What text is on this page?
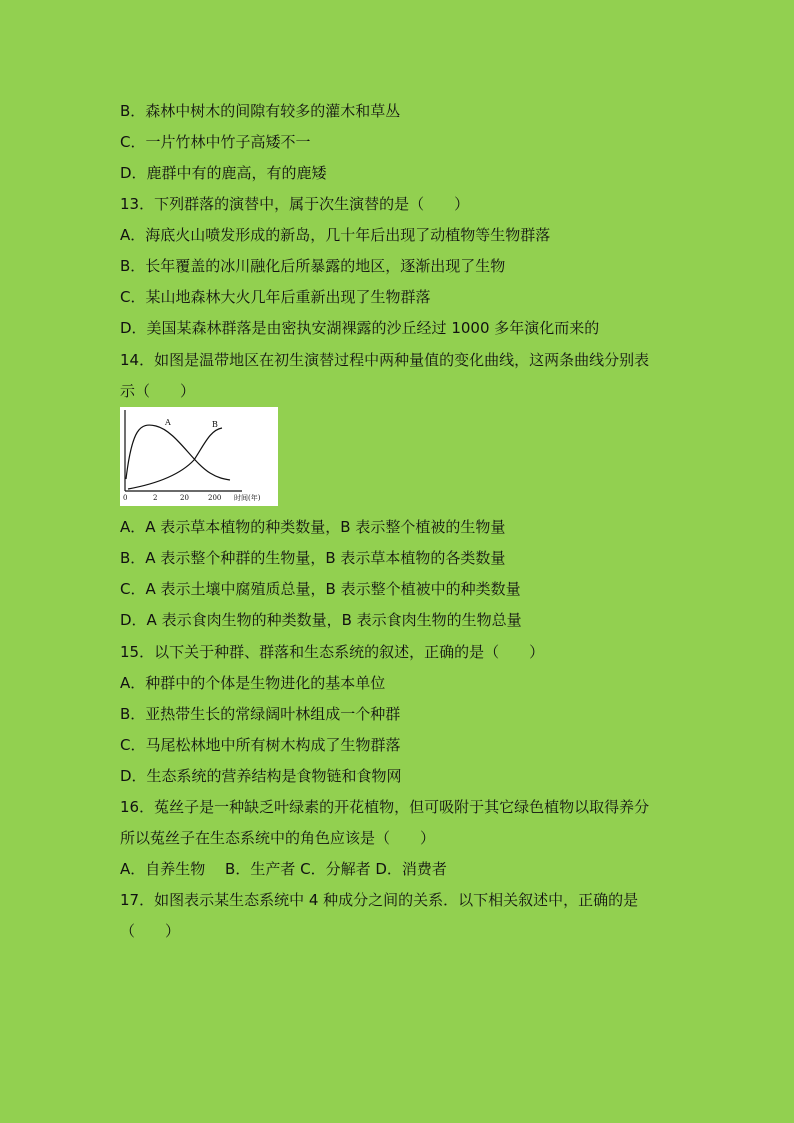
B．森林中树木的间隙有较多的灌木和草丛
C．一片竹林中竹子高矮不一
D．鹿群中有的鹿高，有的鹿矮
13．下列群落的演替中，属于次生演替的是（　　）
A．海底火山喷发形成的新岛，几十年后出现了动植物等生物群落
B．长年覆盖的冰川融化后所暴露的地区，逐渐出现了生物
C．某山地森林大火几年后重新出现了生物群落
D．美国某森林群落是由密执安湖裸露的沙丘经过 1000 多年演化而来的
14．如图是温带地区在初生演替过程中两种量值的变化曲线，这两条曲线分别表
示（　　）
A	B
0	2	20	200 时间(年)
A．A 表示草本植物的种类数量，B 表示整个植被的生物量
B．A 表示整个种群的生物量，B 表示草本植物的各类数量
C．A 表示土壤中腐殖质总量，B 表示整个植被中的种类数量
D．A 表示食肉生物的种类数量，B 表示食肉生物的生物总量
15．以下关于种群、群落和生态系统的叙述，正确的是（　　）
A．种群中的个体是生物进化的基本单位
B．亚热带生长的常绿阔叶林组成一个种群
C．马尾松林地中所有树木构成了生物群落
D．生态系统的营养结构是食物链和食物网
16．菟丝子是一种缺乏叶绿素的开花植物，但可吸附于其它绿色植物以取得养分
所以菟丝子在生态系统中的角色应该是（　　）
A．自养生物　 B．生产者 C．分解者 D．消费者
17．如图表示某生态系统中 4 种成分之间的关系．以下相关叙述中，正确的是
（　　）
